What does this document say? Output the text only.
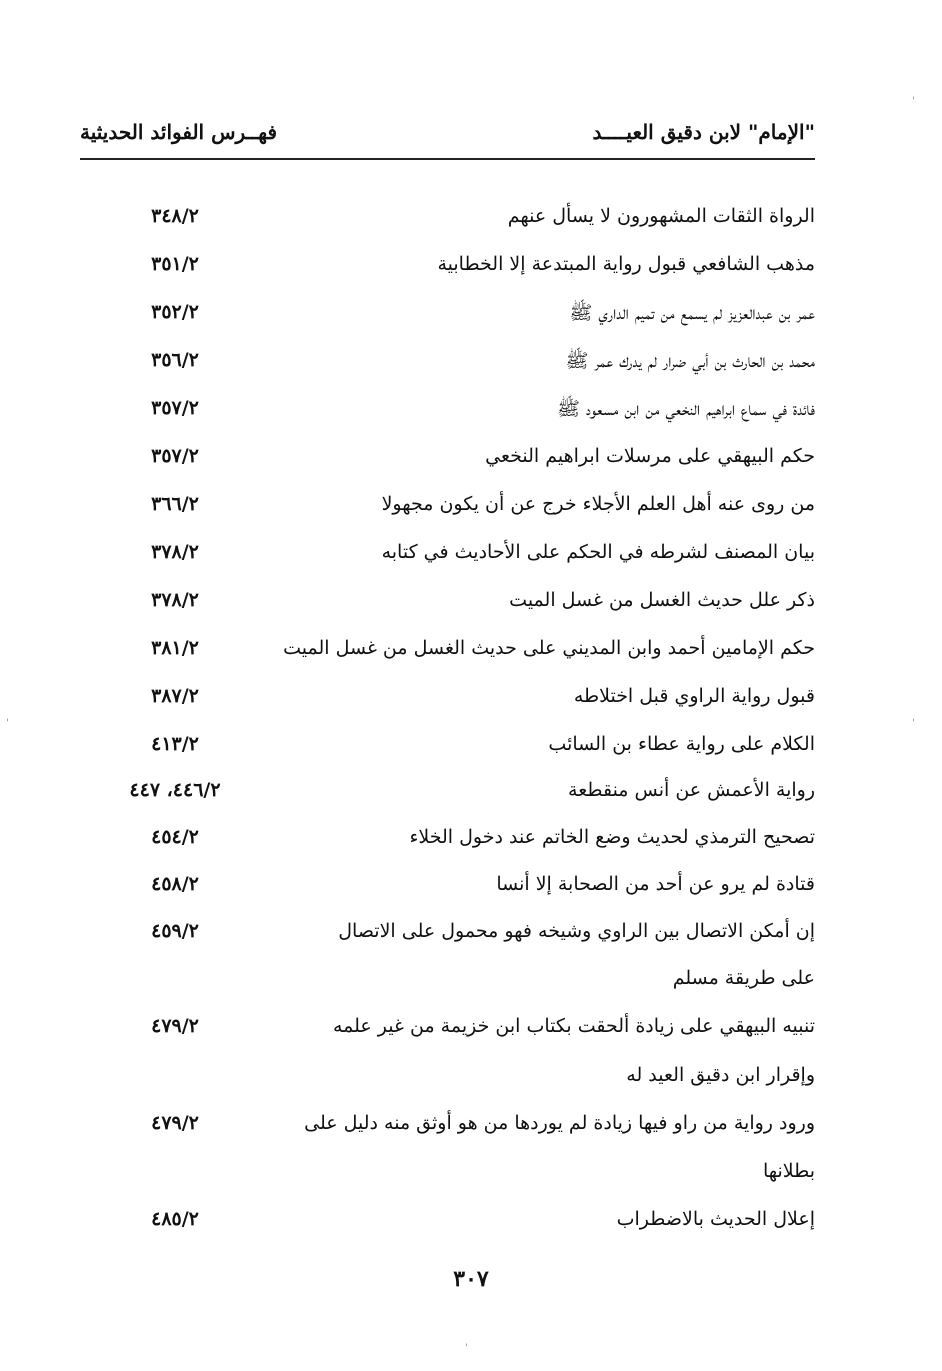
"الإمام" لابن دقيق العيــــد
فهــرس الفوائد الحديثية
الرواة الثقات المشهورون لا يسأل عنهم
٣٤٨/٢
مذهب الشافعي قبول رواية المبتدعة إلا الخطابية
٣٥١/٢
عمر بن عبدالعزيز لم يسمع من تميم الداري ﷺ
٣٥٢/٢
محمد بن الحارث بن أبي ضرار لم يدرك عمر ﷺ
٣٥٦/٢
فائدة في سماع ابراهيم النخعي من ابن مسعود ﷺ
٣٥٧/٢
حكم البيهقي على مرسلات ابراهيم النخعي
٣٥٧/٢
من روى عنه أهل العلم الأجلاء خرج عن أن يكون مجهولا
٣٦٦/٢
بيان المصنف لشرطه في الحكم على الأحاديث في كتابه
٣٧٨/٢
ذكر علل حديث الغسل من غسل الميت
٣٧٨/٢
حكم الإمامين أحمد وابن المديني على حديث الغسل من غسل الميت
٣٨١/٢
قبول رواية الراوي قبل اختلاطه
٣٨٧/٢
الكلام على رواية عطاء بن السائب
٤١٣/٢
رواية الأعمش عن أنس منقطعة
٤٤٦/٢، ٤٤٧
تصحيح الترمذي لحديث وضع الخاتم عند دخول الخلاء
٤٥٤/٢
قتادة لم يرو عن أحد من الصحابة إلا أنسا
٤٥٨/٢
إن أمكن الاتصال بين الراوي وشيخه فهو محمول على الاتصال
٤٥٩/٢
على طريقة مسلم
تنبيه البيهقي على زيادة ألحقت بكتاب ابن خزيمة من غير علمه
٤٧٩/٢
وإقرار ابن دقيق العيد له
ورود رواية من راو فيها زيادة لم يوردها من هو أوثق منه دليل على
٤٧٩/٢
بطلانها
إعلال الحديث بالاضطراب
٤٨٥/٢
٣٠٧
'
'
'
'
